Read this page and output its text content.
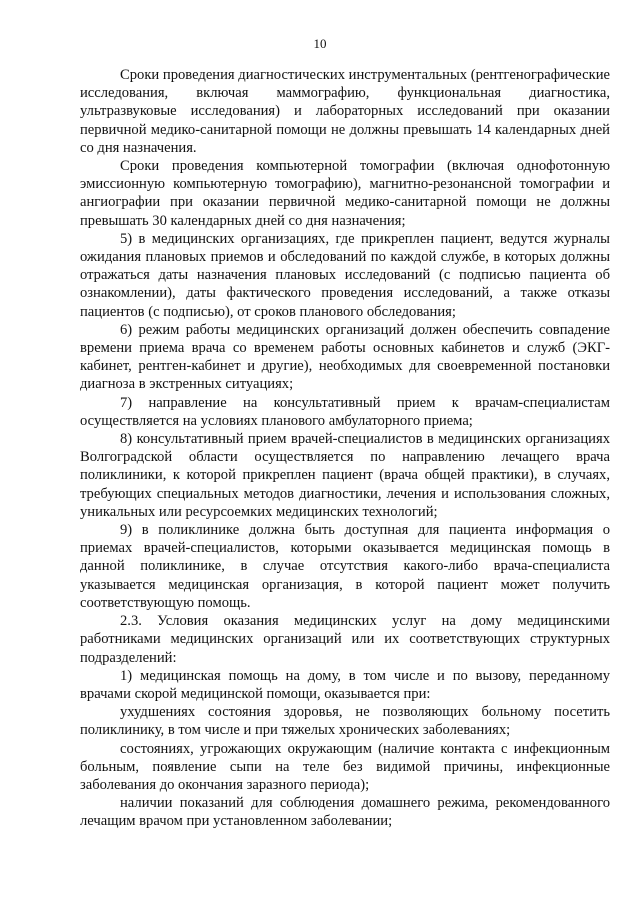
10

Сроки проведения диагностических инструментальных (рентгенографические исследования, включая маммографию, функциональная диагностика, ультразвуковые исследования) и лабораторных исследований при оказании первичной медико-санитарной помощи не должны превышать 14 календарных дней со дня назначения.

Сроки проведения компьютерной томографии (включая однофотонную эмиссионную компьютерную томографию), магнитно-резонансной томографии и ангиографии при оказании первичной медико-санитарной помощи не должны превышать 30 календарных дней со дня назначения;

5) в медицинских организациях, где прикреплен пациент, ведутся журналы ожидания плановых приемов и обследований по каждой службе, в которых должны отражаться даты назначения плановых исследований (с подписью пациента об ознакомлении), даты фактического проведения исследований, а также отказы пациентов (с подписью), от сроков планового обследования;

6) режим работы медицинских организаций должен обеспечить совпадение времени приема врача со временем работы основных кабинетов и служб (ЭКГ-кабинет, рентген-кабинет и другие), необходимых для своевременной постановки диагноза в экстренных ситуациях;

7) направление на консультативный прием к врачам-специалистам осуществляется на условиях планового амбулаторного приема;

8) консультативный прием врачей-специалистов в медицинских организациях Волгоградской области осуществляется по направлению лечащего врача поликлиники, к которой прикреплен пациент (врача общей практики), в случаях, требующих специальных методов диагностики, лечения и использования сложных, уникальных или ресурсоемких медицинских технологий;

9) в поликлинике должна быть доступная для пациента информация о приемах врачей-специалистов, которыми оказывается медицинская помощь в данной поликлинике, в случае отсутствия какого-либо врача-специалиста указывается медицинская организация, в которой пациент может получить соответствующую помощь.

2.3. Условия оказания медицинских услуг на дому медицинскими работниками медицинских организаций или их соответствующих структурных подразделений:

1) медицинская помощь на дому, в том числе и по вызову, переданному врачами скорой медицинской помощи, оказывается при:

ухудшениях состояния здоровья, не позволяющих больному посетить поликлинику, в том числе и при тяжелых хронических заболеваниях;

состояниях, угрожающих окружающим (наличие контакта с инфекционным больным, появление сыпи на теле без видимой причины, инфекционные заболевания до окончания заразного периода);

наличии показаний для соблюдения домашнего режима, рекомендованного лечащим врачом при установленном заболевании;
